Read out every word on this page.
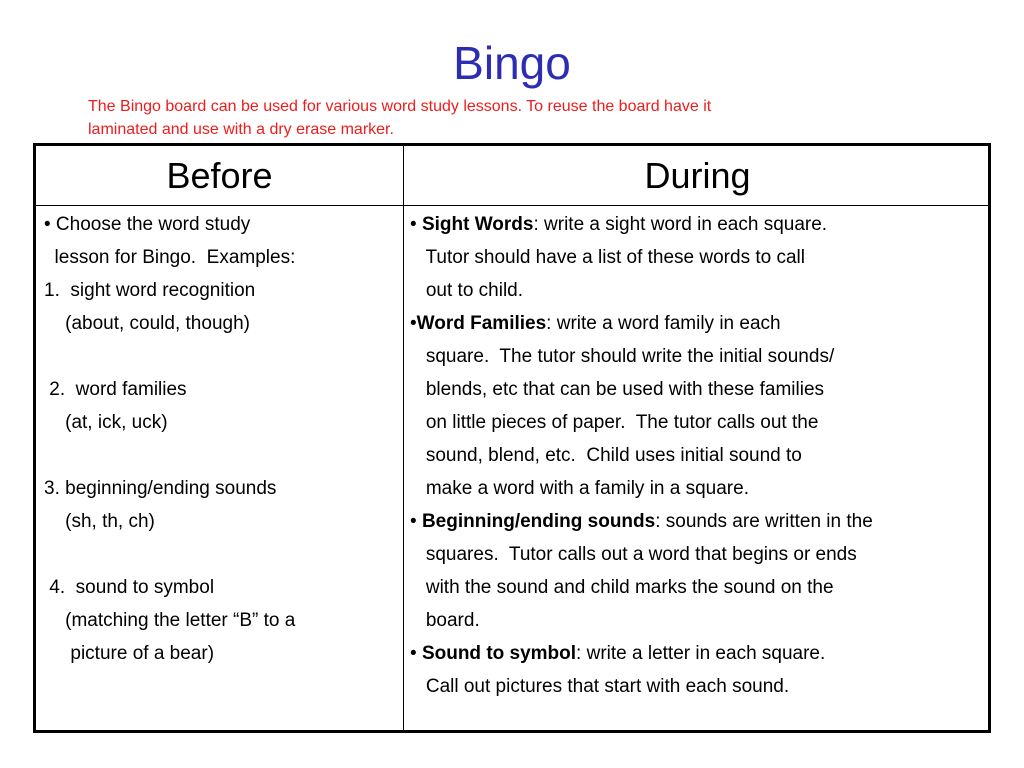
Bingo
The Bingo board can be used for various word study lessons. To reuse the board have it
laminated and use with a dry erase marker.
Before	During
• Choose the word study
lesson for Bingo.  Examples:
1.  sight word recognition
(about, could, though)
2.  word families
(at, ick, uck)
3. beginning/ending sounds
(sh, th, ch)
4.  sound to symbol
(matching the letter “B” to a
picture of a bear)
• Sight Words: write a sight word in each square.
Tutor should have a list of these words to call
out to child.
•Word Families: write a word family in each
square.  The tutor should write the initial sounds/
blends, etc that can be used with these families
on little pieces of paper.  The tutor calls out the
sound, blend, etc.  Child uses initial sound to
make a word with a family in a square.
• Beginning/ending sounds: sounds are written in the
squares.  Tutor calls out a word that begins or ends
with the sound and child marks the sound on the
board.
• Sound to symbol: write a letter in each square.
Call out pictures that start with each sound.
